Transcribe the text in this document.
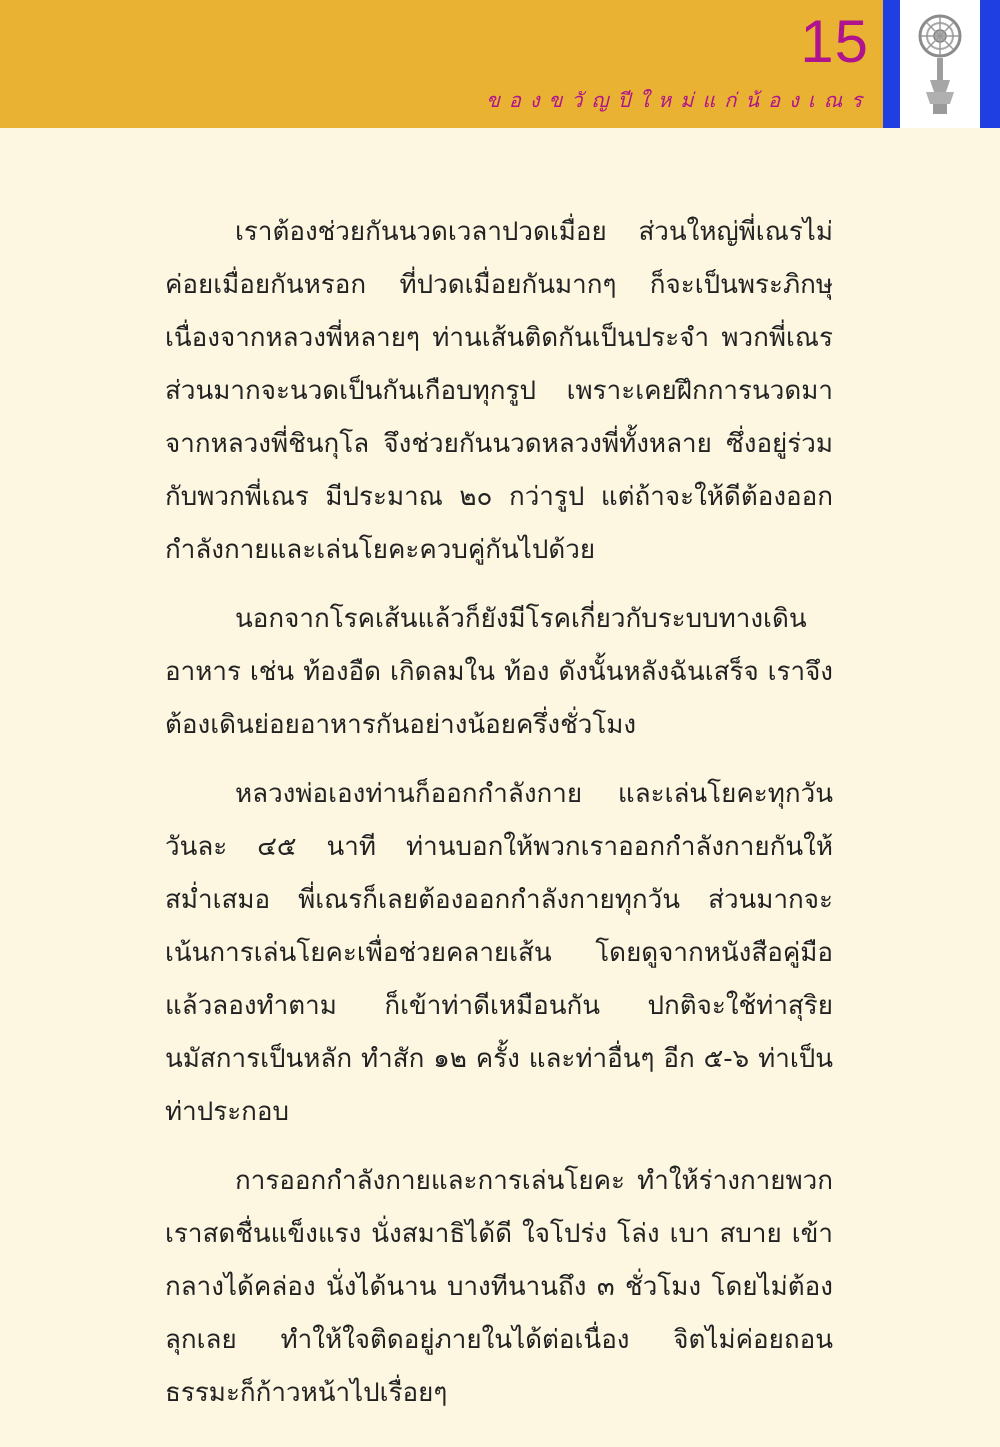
15
ของขวัญปีใหม่แก่น้องเณร

เราต้องช่วยกันนวดเวลาปวดเมื่อย ส่วนใหญ่พี่เณรไม่ค่อยเมื่อยกันหรอก ที่ปวดเมื่อยกันมากๆ ก็จะเป็นพระภิกษุ เนื่องจากหลวงพี่หลายๆ ท่านเส้นติดกันเป็นประจำ พวกพี่เณรส่วนมากจะนวดเป็นกันเกือบทุกรูป เพราะเคยฝึกการนวดมาจากหลวงพี่ชินกุโล จึงช่วยกันนวดหลวงพี่ทั้งหลาย ซึ่งอยู่ร่วมกับพวกพี่เณร มีประมาณ ๒๐ กว่ารูป แต่ถ้าจะให้ดีต้องออกกำลังกายและเล่นโยคะควบคู่กันไปด้วย

นอกจากโรคเส้นแล้วก็ยังมีโรคเกี่ยวกับระบบทางเดินอาหาร เช่น ท้องอืด เกิดลมใน ท้อง ดังนั้นหลังฉันเสร็จ เราจึงต้องเดินย่อยอาหารกันอย่างน้อยครึ่งชั่วโมง

หลวงพ่อเองท่านก็ออกกำลังกาย และเล่นโยคะทุกวัน วันละ ๔๕ นาที ท่านบอกให้พวกเราออกกำลังกายกันให้สม่ำเสมอ พี่เณรก็เลยต้องออกกำลังกายทุกวัน ส่วนมากจะเน้นการเล่นโยคะเพื่อช่วยคลายเส้น โดยดูจากหนังสือคู่มือแล้วลองทำตาม ก็เข้าท่าดีเหมือนกัน ปกติจะใช้ท่าสุริยนมัสการเป็นหลัก ทำสัก ๑๒ ครั้ง และท่าอื่นๆ อีก ๕-๖ ท่าเป็นท่าประกอบ

การออกกำลังกายและการเล่นโยคะ ทำให้ร่างกายพวกเราสดชื่นแข็งแรง นั่งสมาธิได้ดี ใจโปร่ง โล่ง เบา สบาย เข้ากลางได้คล่อง นั่งได้นาน บางทีนานถึง ๓ ชั่วโมง โดยไม่ต้องลุกเลย ทำให้ใจติดอยู่ภายในได้ต่อเนื่อง จิตไม่ค่อยถอน ธรรมะก็ก้าวหน้าไปเรื่อยๆ
